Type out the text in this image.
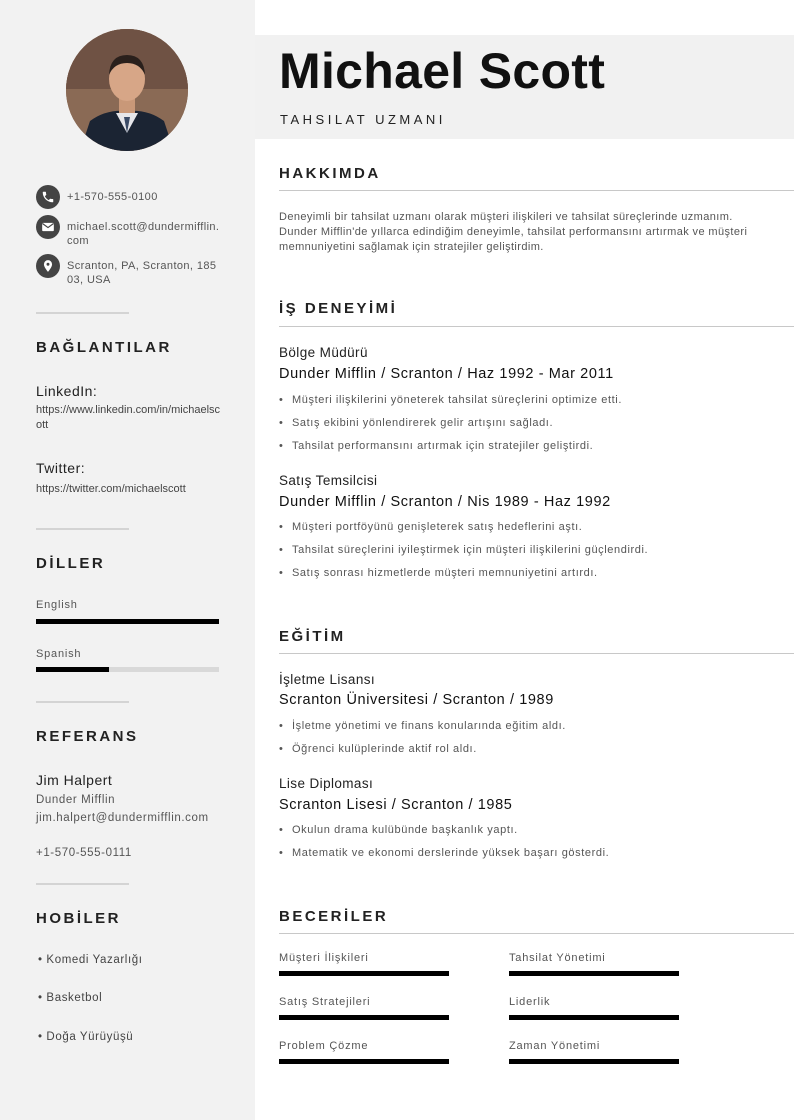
+1-570-555-0100
michael.scott@dundermifflin.com
Scranton, PA, Scranton, 18503, USA
BAĞLANTILAR
LinkedIn:
https://www.linkedin.com/in/michaelscott
Twitter:
https://twitter.com/michaelscott
DİLLER
English
Spanish
REFERANS
Jim Halpert
Dunder Mifflin
jim.halpert@dundermifflin.com
+1-570-555-0111
HOBİLER
• Komedi Yazarlığı
• Basketbol
• Doğa Yürüyüşü
Michael Scott
TAHSILAT UZMANI
HAKKIMDA
Deneyimli bir tahsilat uzmanı olarak müşteri ilişkileri ve tahsilat süreçlerinde uzmanım. Dunder Mifflin'de yıllarca edindiğim deneyimle, tahsilat performansını artırmak ve müşteri memnuniyetini sağlamak için stratejiler geliştirdim.
İŞ DENEYİMİ
Bölge Müdürü
Dunder Mifflin / Scranton / Haz 1992 - Mar 2011
• Müşteri ilişkilerini yöneterek tahsilat süreçlerini optimize etti.
• Satış ekibini yönlendirerek gelir artışını sağladı.
• Tahsilat performansını artırmak için stratejiler geliştirdi.
Satış Temsilcisi
Dunder Mifflin / Scranton / Nis 1989 - Haz 1992
• Müşteri portföyünü genişleterek satış hedeflerini aştı.
• Tahsilat süreçlerini iyileştirmek için müşteri ilişkilerini güçlendirdi.
• Satış sonrası hizmetlerde müşteri memnuniyetini artırdı.
EĞİTİM
İşletme Lisansı
Scranton Üniversitesi / Scranton / 1989
• İşletme yönetimi ve finans konularında eğitim aldı.
• Öğrenci kulüplerinde aktif rol aldı.
Lise Diploması
Scranton Lisesi / Scranton / 1985
• Okulun drama kulübünde başkanlık yaptı.
• Matematik ve ekonomi derslerinde yüksek başarı gösterdi.
BECERİLER
Müşteri İlişkileri	Tahsilat Yönetimi
Satış Stratejileri	Liderlik
Problem Çözme	Zaman Yönetimi
